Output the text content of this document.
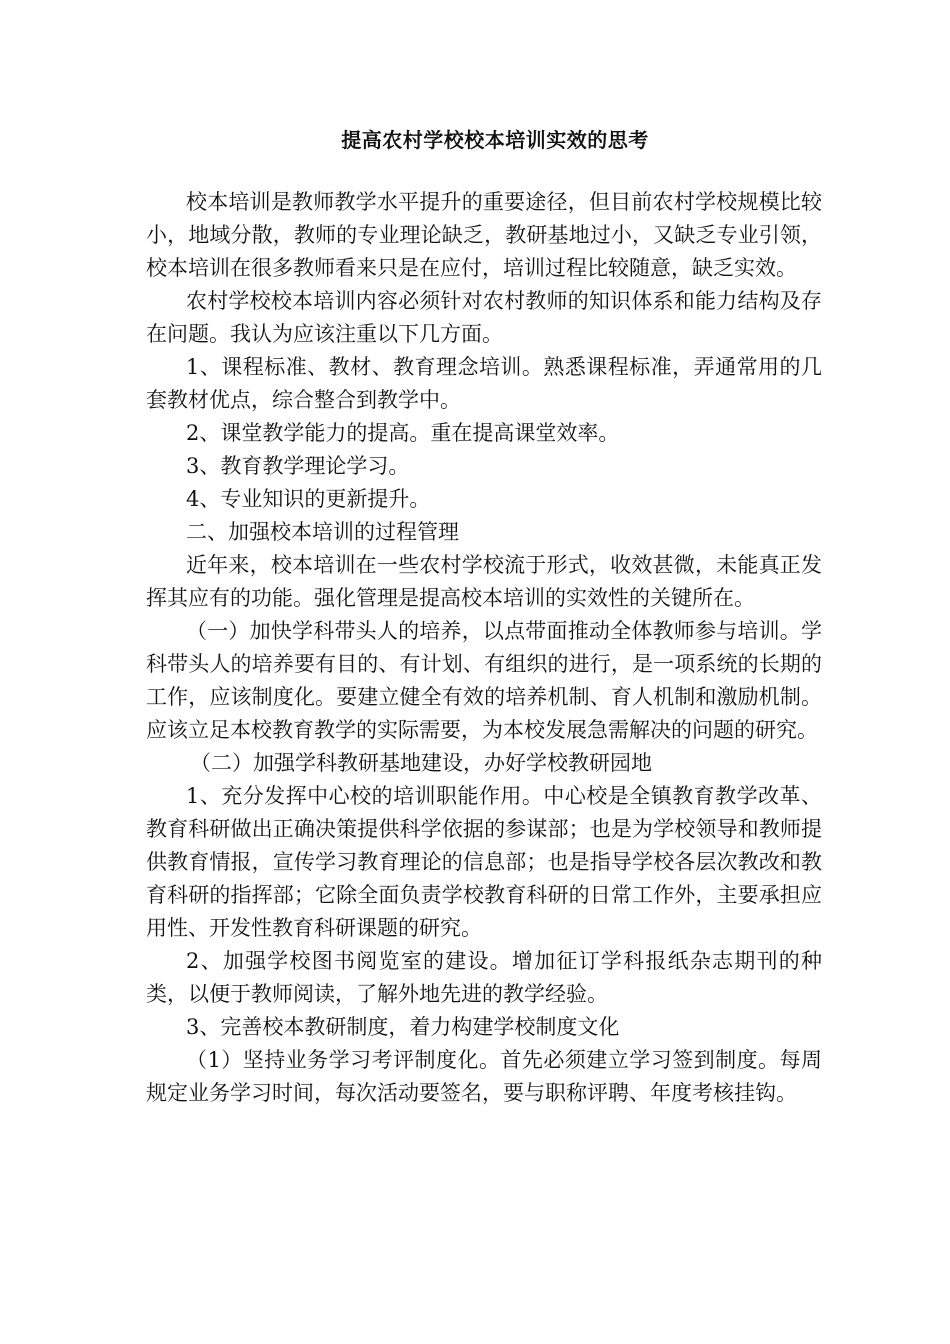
提高农村学校校本培训实效的思考

校本培训是教师教学水平提升的重要途径，但目前农村学校规模比较小，地域分散，教师的专业理论缺乏，教研基地过小，又缺乏专业引领，校本培训在很多教师看来只是在应付，培训过程比较随意，缺乏实效。

农村学校校本培训内容必须针对农村教师的知识体系和能力结构及存在问题。我认为应该注重以下几方面。

1、课程标准、教材、教育理念培训。熟悉课程标准，弄通常用的几套教材优点，综合整合到教学中。

2、课堂教学能力的提高。重在提高课堂效率。

3、教育教学理论学习。

4、专业知识的更新提升。

二、加强校本培训的过程管理

近年来，校本培训在一些农村学校流于形式，收效甚微，未能真正发挥其应有的功能。强化管理是提高校本培训的实效性的关键所在。

（一）加快学科带头人的培养，以点带面推动全体教师参与培训。学科带头人的培养要有目的、有计划、有组织的进行，是一项系统的长期的工作，应该制度化。要建立健全有效的培养机制、育人机制和激励机制。应该立足本校教育教学的实际需要，为本校发展急需解决的问题的研究。

（二）加强学科教研基地建设，办好学校教研园地

1、充分发挥中心校的培训职能作用。中心校是全镇教育教学改革、教育科研做出正确决策提供科学依据的参谋部；也是为学校领导和教师提供教育情报，宣传学习教育理论的信息部；也是指导学校各层次教改和教育科研的指挥部；它除全面负责学校教育科研的日常工作外，主要承担应用性、开发性教育科研课题的研究。

2、加强学校图书阅览室的建设。增加征订学科报纸杂志期刊的种类，以便于教师阅读，了解外地先进的教学经验。

3、完善校本教研制度，着力构建学校制度文化

（1）坚持业务学习考评制度化。首先必须建立学习签到制度。每周规定业务学习时间，每次活动要签名，要与职称评聘、年度考核挂钩。
